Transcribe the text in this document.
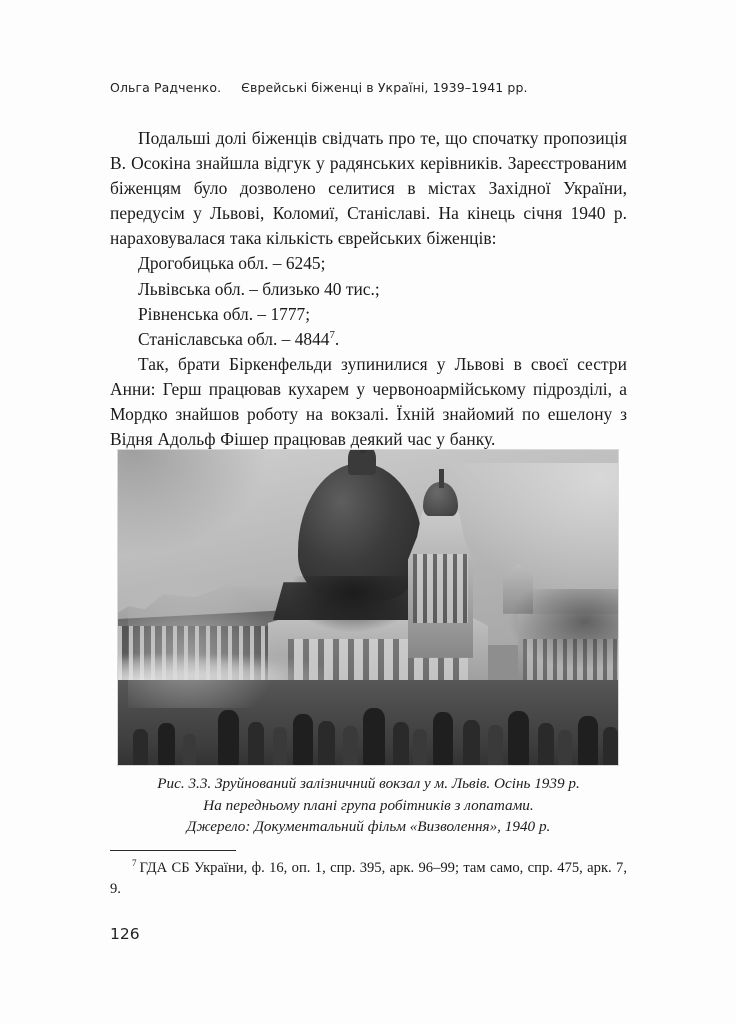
Ольга Радченко. Єврейські біженці в Україні, 1939–1941 рр.

Подальші долі біженців свідчать про те, що спочатку пропозиція В. Осокіна знайшла відгук у радянських керівників. Зареєстрованим біженцям було дозволено селитися в містах Західної України, передусім у Львові, Коломиї, Станіславі. На кінець січня 1940 р. нараховувалася така кількість єврейських біженців:

Дрогобицька обл. – 6245;
Львівська обл. – близько 40 тис.;
Рівненська обл. – 1777;
Станіславська обл. – 4844$^7$.

Так, брати Біркенфельди зупинилися у Львові в своєї сестри Анни: Герш працював кухарем у червоноармійському підрозділі, а Мордко знайшов роботу на вокзалі. Їхній знайомий по ешелону з Відня Адольф Фішер працював деякий час у банку.

Рис. 3.3. Зруйнований залізничний вокзал у м. Львів. Осінь 1939 р.
На передньому плані група робітників з лопатами.
Джерело: Документальний фільм «Визволення», 1940 р.
$^7$ ГДА СБ України, ф. 16, оп. 1, спр. 395, арк. 96–99; там само, спр. 475, арк. 7, 9.
126
